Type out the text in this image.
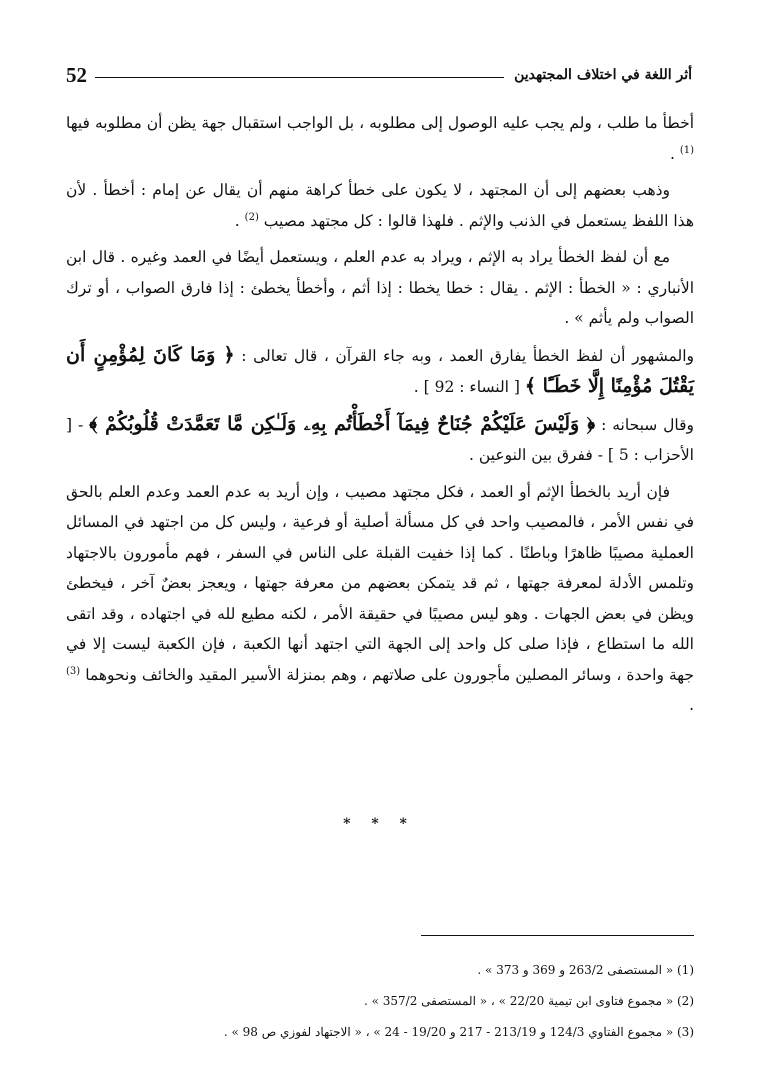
52	أثر اللغة في اختلاف المجتهدين

أخطأ ما طلب ، ولم يجب عليه الوصول إلى مطلوبه ، بل الواجب استقبال جهة يظن أن مطلوبه فيها $^{(1)}$ .

وذهب بعضهم إلى أن المجتهد ، لا يكون على خطأ كراهة منهم أن يقال عن إمام : أخطأ . لأن هذا اللفظ يستعمل في الذنب والإثم . فلهذا قالوا : كل مجتهد مصيب $^{(2)}$ .

مع أن لفظ الخطأ يراد به الإثم ، ويراد به عدم العلم ، ويستعمل أيضًا في العمد وغيره . قال ابن الأنباري : « الخطأ : الإثم . يقال : خطا يخطا : إذا أثم ، وأخطأ يخطئ : إذا فارق الصواب ، أو ترك الصواب ولم يأثم » .

والمشهور أن لفظ الخطأ يفارق العمد ، وبه جاء القرآن ، قال تعالى : ﴿ وَمَا كَانَ لِمُؤْمِنٍ أَن يَقْتُلَ مُؤْمِنًا إِلَّا خَطَـًٔا ﴾ [ النساء : 92 ] .

وقال سبحانه : ﴿ وَلَيْسَ عَلَيْكُمْ جُنَاحٌ فِيمَآ أَخْطَأْتُم بِهِۦ وَلَـٰكِن مَّا تَعَمَّدَتْ قُلُوبُكُمْ ﴾ - [ الأحزاب : 5 ] - ففرق بين النوعين .

فإن أريد بالخطأ الإثم أو العمد ، فكل مجتهد مصيب ، وإن أريد به عدم العمد وعدم العلم بالحق في نفس الأمر ، فالمصيب واحد في كل مسألة أصلية أو فرعية ، وليس كل من اجتهد في المسائل العملية مصيبًا ظاهرًا وباطنًا . كما إذا خفيت القبلة على الناس في السفر ، فهم مأمورون بالاجتهاد وتلمس الأدلة لمعرفة جهتها ، ثم قد يتمكن بعضهم من معرفة جهتها ، ويعجز بعضٌ آخر ، فيخطئ ويظن في بعض الجهات . وهو ليس مصيبًا في حقيقة الأمر ، لكنه مطيع لله في اجتهاده ، وقد اتقى الله ما استطاع ، فإذا صلى كل واحد إلى الجهة التي اجتهد أنها الكعبة ، فإن الكعبة ليست إلا في جهة واحدة ، وسائر المصلين مأجورون على صلاتهم ، وهم بمنزلة الأسير المقيد والخائف ونحوهما $^{(3)}$ .

* * *

(1) « المستصفى 263/2 و 369 و 373 » .

(2) « مجموع فتاوى ابن تيمية 22/20 » ، « المستصفى 357/2 » .

(3) « مجموع الفتاوي 124/3 و 213/19 - 217 و 19/20 - 24 » ، « الاجتهاد لفوزي ص 98 » .
